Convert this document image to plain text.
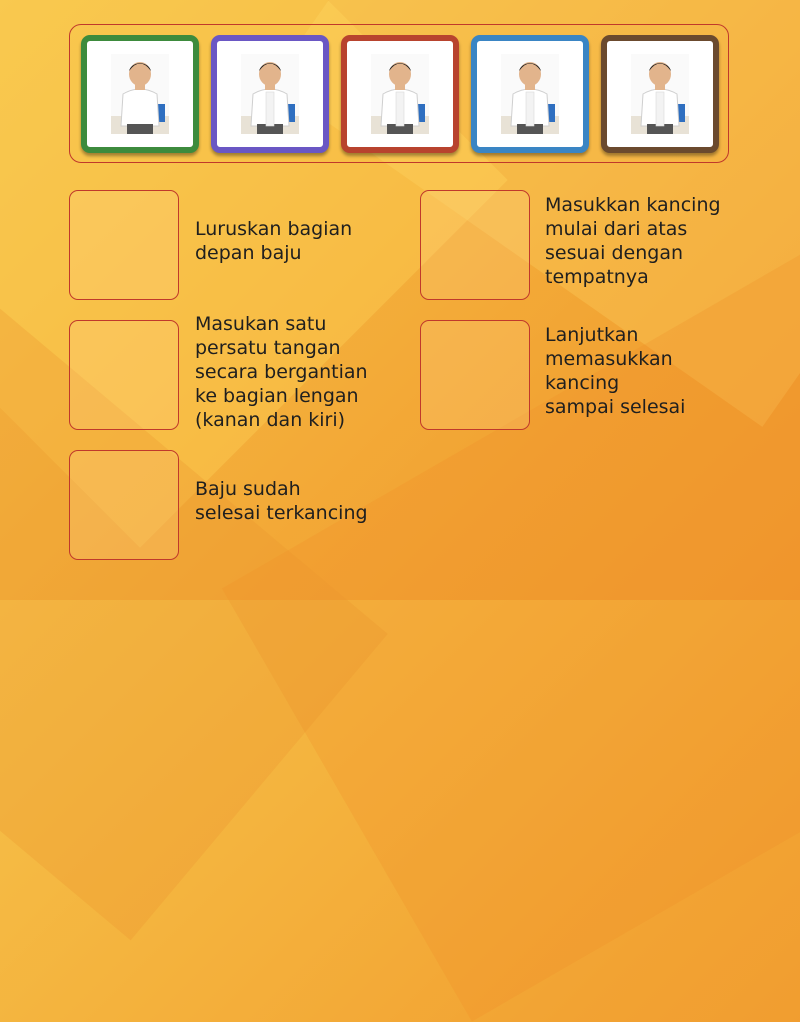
Luruskan bagian
depan baju
Masukan satu
persatu tangan
secara bergantian
ke bagian lengan
(kanan dan kiri)
Baju sudah
selesai terkancing
Masukkan kancing
mulai dari atas
sesuai dengan
tempatnya
Lanjutkan
memasukkan
kancing
sampai selesai
